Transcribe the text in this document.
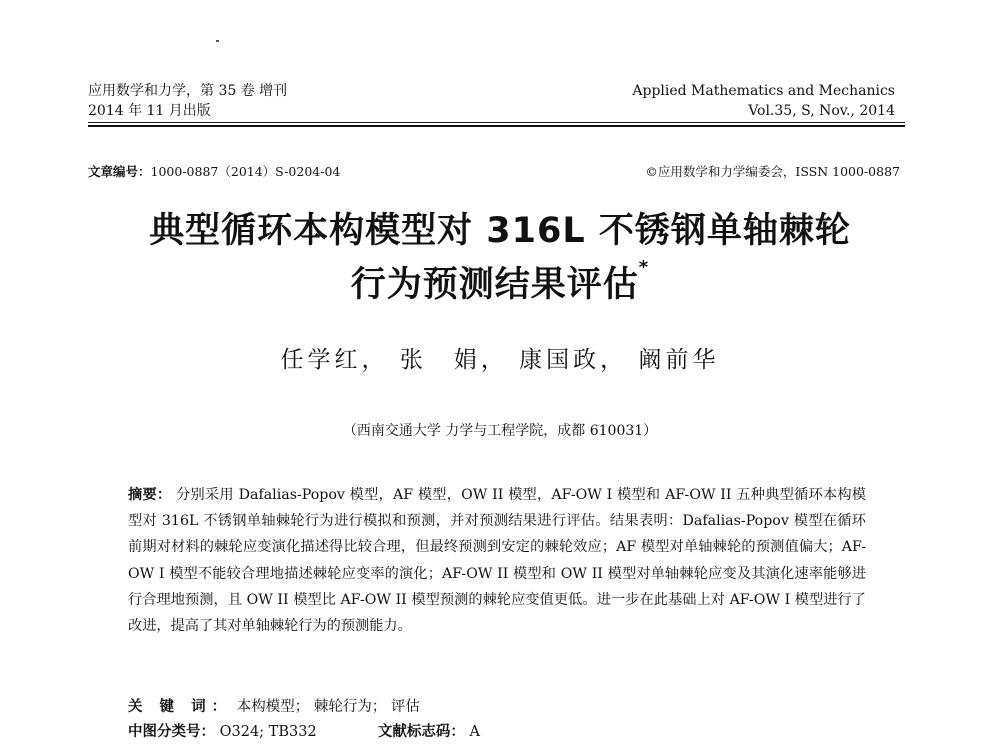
应用数学和力学，第 35 卷 增刊
2014 年 11 月出版
Applied Mathematics and Mechanics
Vol.35, S, Nov., 2014
文章编号：1000-0887（2014）S-0204-04	©应用数学和力学编委会，ISSN 1000-0887
典型循环本构模型对 316L 不锈钢单轴棘轮
行为预测结果评估*
任学红， 张　娟， 康国政， 阚前华
（西南交通大学 力学与工程学院，成都 610031）
摘要： 分别采用 Dafalias-Popov 模型，AF 模型，OW II 模型，AF-OW I 模型和 AF-OW II 五种典型循环本构模型对 316L 不锈钢单轴棘轮行为进行模拟和预测，并对预测结果进行评估。结果表明：Dafalias-Popov 模型在循环前期对材料的棘轮应变演化描述得比较合理，但最终预测到安定的棘轮效应；AF 模型对单轴棘轮的预测值偏大；AF-OW I 模型不能较合理地描述棘轮应变率的演化；AF-OW II 模型和 OW II 模型对单轴棘轮应变及其演化速率能够进行合理地预测，且 OW II 模型比 AF-OW II 模型预测的棘轮应变值更低。进一步在此基础上对 AF-OW I 模型进行了改进，提高了其对单轴棘轮行为的预测能力。
关 键 词： 本构模型； 棘轮行为； 评估
中图分类号： O324; TB332	文献标志码： A
